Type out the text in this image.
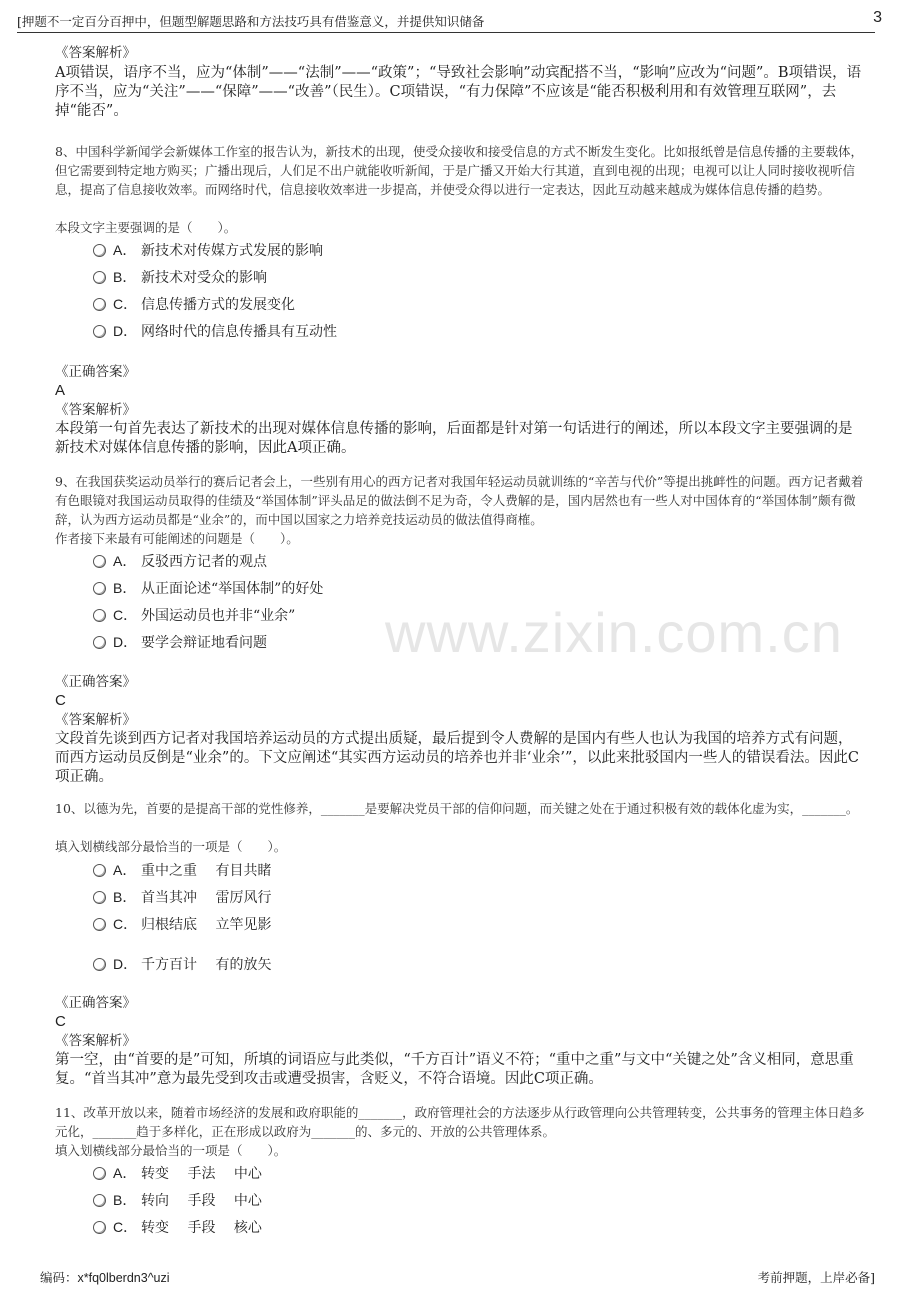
[押题不一定百分百押中，但题型解题思路和方法技巧具有借鉴意义，并提供知识储备	3
www.zixin.com.cn
《答案解析》
A项错误，语序不当，应为“体制”——“法制”——“政策”；“导致社会影响”动宾配搭不当，“影响”应改为“问题”。B项错误，语序不当，应为“关注”——“保障”——“改善”（民生）。C项错误，“有力保障”不应该是“能否积极利用和有效管理互联网”，去掉“能否”。
8、中国科学新闻学会新媒体工作室的报告认为，新技术的出现，使受众接收和接受信息的方式不断发生变化。比如报纸曾是信息传播的主要载体，但它需要到特定地方购买；广播出现后，人们足不出户就能收听新闻，于是广播又开始大行其道，直到电视的出现；电视可以让人同时接收视听信息，提高了信息接收效率。而网络时代，信息接收效率进一步提高，并使受众得以进行一定表达，因此互动越来越成为媒体信息传播的趋势。
本段文字主要强调的是（　　）。
A． 新技术对传媒方式发展的影响
B． 新技术对受众的影响
C． 信息传播方式的发展变化
D． 网络时代的信息传播具有互动性
《正确答案》
A
《答案解析》
本段第一句首先表达了新技术的出现对媒体信息传播的影响，后面都是针对第一句话进行的阐述，所以本段文字主要强调的是新技术对媒体信息传播的影响，因此A项正确。
9、在我国获奖运动员举行的赛后记者会上，一些别有用心的西方记者对我国年轻运动员就训练的“辛苦与代价”等提出挑衅性的问题。西方记者戴着有色眼镜对我国运动员取得的佳绩及“举国体制”评头品足的做法倒不足为奇，令人费解的是，国内居然也有一些人对中国体育的“举国体制”颇有微辞，认为西方运动员都是“业余”的，而中国以国家之力培养竞技运动员的做法值得商榷。
作者接下来最有可能阐述的问题是（　　）。
A． 反驳西方记者的观点
B． 从正面论述“举国体制”的好处
C． 外国运动员也并非“业余”
D． 要学会辩证地看问题
《正确答案》
C
《答案解析》
文段首先谈到西方记者对我国培养运动员的方式提出质疑，最后提到令人费解的是国内有些人也认为我国的培养方式有问题，而西方运动员反倒是“业余”的。下文应阐述“其实西方运动员的培养也并非‘业余’”，以此来批驳国内一些人的错误看法。因此C项正确。
10、以德为先，首要的是提高干部的党性修养，_______是要解决党员干部的信仰问题，而关键之处在于通过积极有效的载体化虚为实，_______。
填入划横线部分最恰当的一项是（　　）。
A． 重中之重　 有目共睹
B． 首当其冲　 雷厉风行
C． 归根结底　 立竿见影
D． 千方百计　 有的放矢
《正确答案》
C
《答案解析》
第一空，由“首要的是”可知，所填的词语应与此类似，“千方百计”语义不符；“重中之重”与文中“关键之处”含义相同，意思重复。“首当其冲”意为最先受到攻击或遭受损害，含贬义，不符合语境。因此C项正确。
11、改革开放以来，随着市场经济的发展和政府职能的_______，政府管理社会的方法逐步从行政管理向公共管理转变，公共事务的管理主体日趋多元化，_______趋于多样化，正在形成以政府为_______的、多元的、开放的公共管理体系。
填入划横线部分最恰当的一项是（　　）。
A． 转变　 手法　 中心
B． 转向　 手段　 中心
C． 转变　 手段　 核心
编码：x*fq0lberdn3^uzi	考前押题，上岸必备]
